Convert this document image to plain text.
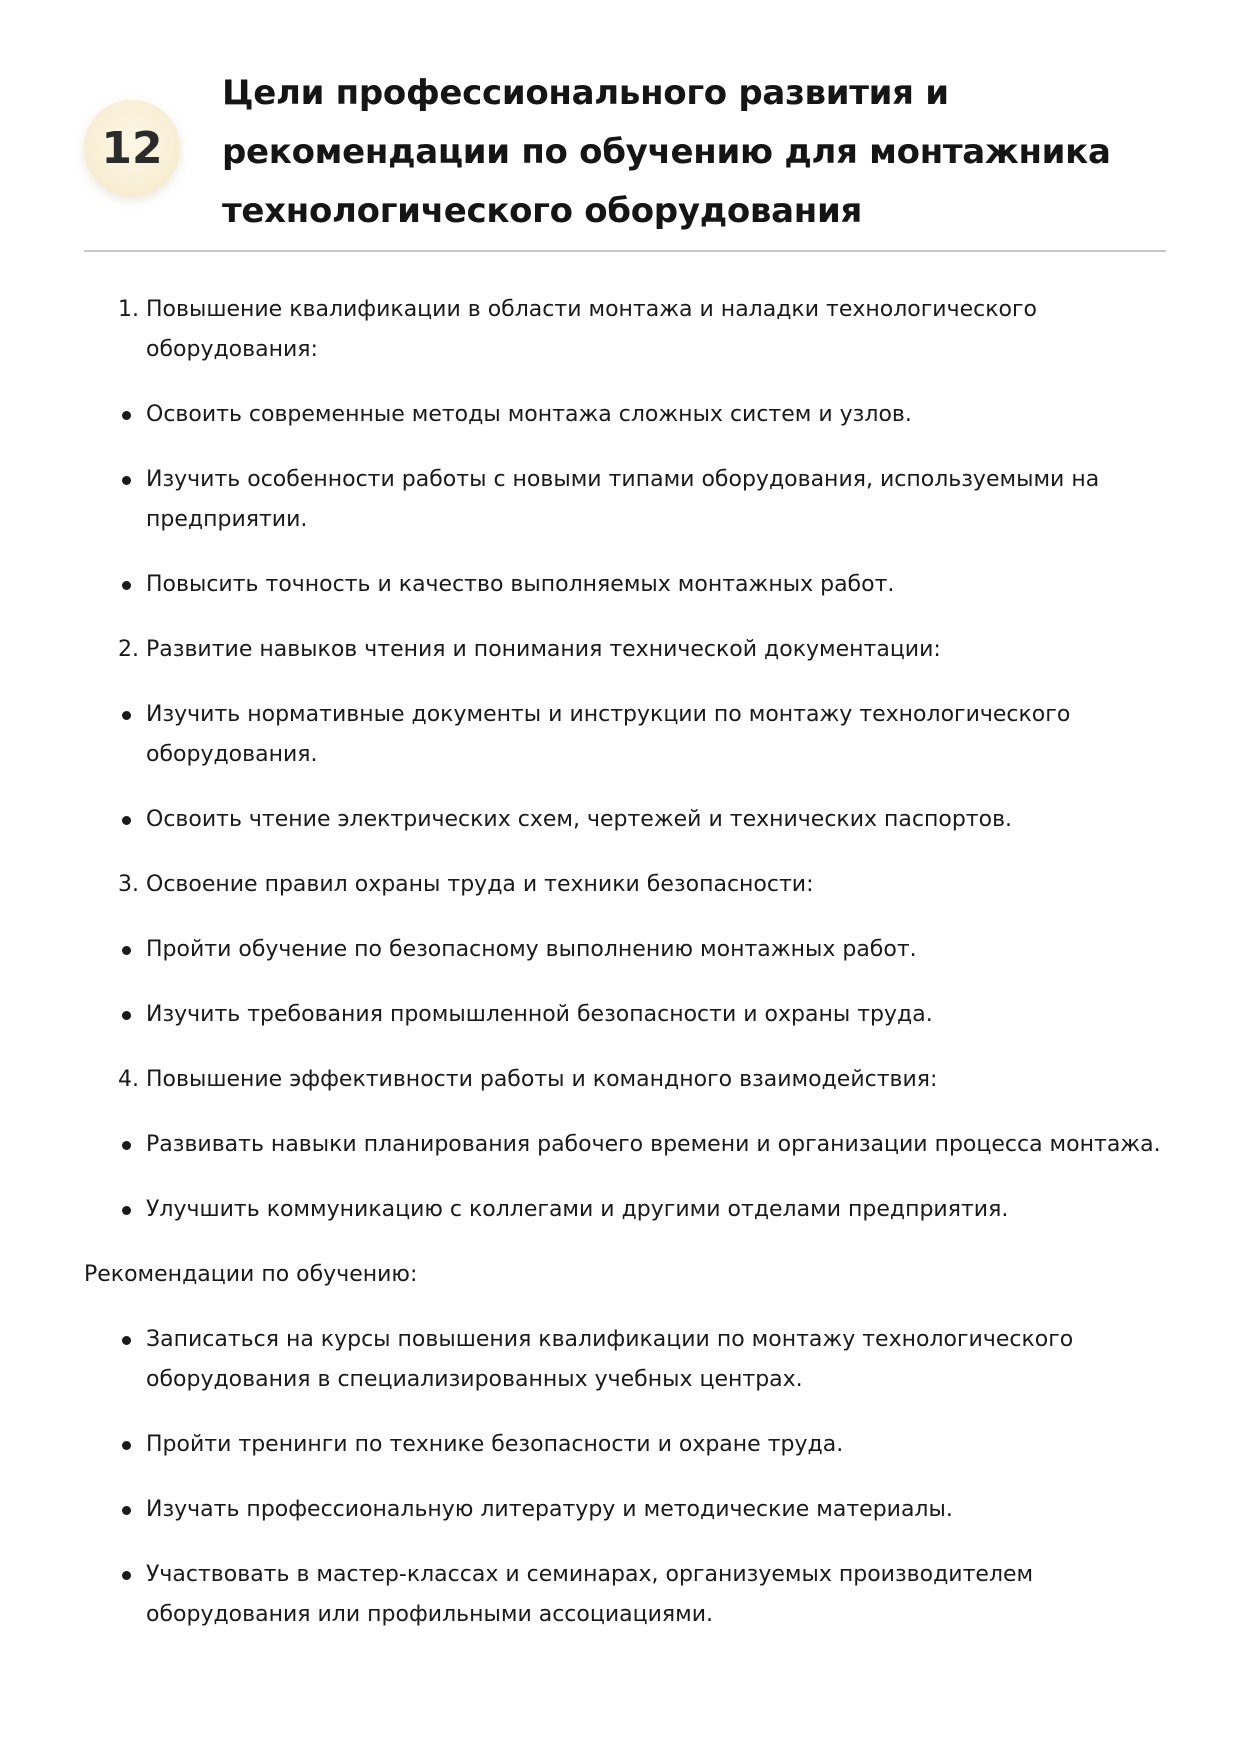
12
Цели профессионального развития и рекомендации по обучению для монтажника технологического оборудования
1. Повышение квалификации в области монтажа и наладки технологического оборудования:
Освоить современные методы монтажа сложных систем и узлов.
Изучить особенности работы с новыми типами оборудования, используемыми на предприятии.
Повысить точность и качество выполняемых монтажных работ.
2. Развитие навыков чтения и понимания технической документации:
Изучить нормативные документы и инструкции по монтажу технологического оборудования.
Освоить чтение электрических схем, чертежей и технических паспортов.
3. Освоение правил охраны труда и техники безопасности:
Пройти обучение по безопасному выполнению монтажных работ.
Изучить требования промышленной безопасности и охраны труда.
4. Повышение эффективности работы и командного взаимодействия:
Развивать навыки планирования рабочего времени и организации процесса монтажа.
Улучшить коммуникацию с коллегами и другими отделами предприятия.

Рекомендации по обучению:

Записаться на курсы повышения квалификации по монтажу технологического оборудования в специализированных учебных центрах.
Пройти тренинги по технике безопасности и охране труда.
Изучать профессиональную литературу и методические материалы.
Участвовать в мастер-классах и семинарах, организуемых производителем оборудования или профильными ассоциациями.
